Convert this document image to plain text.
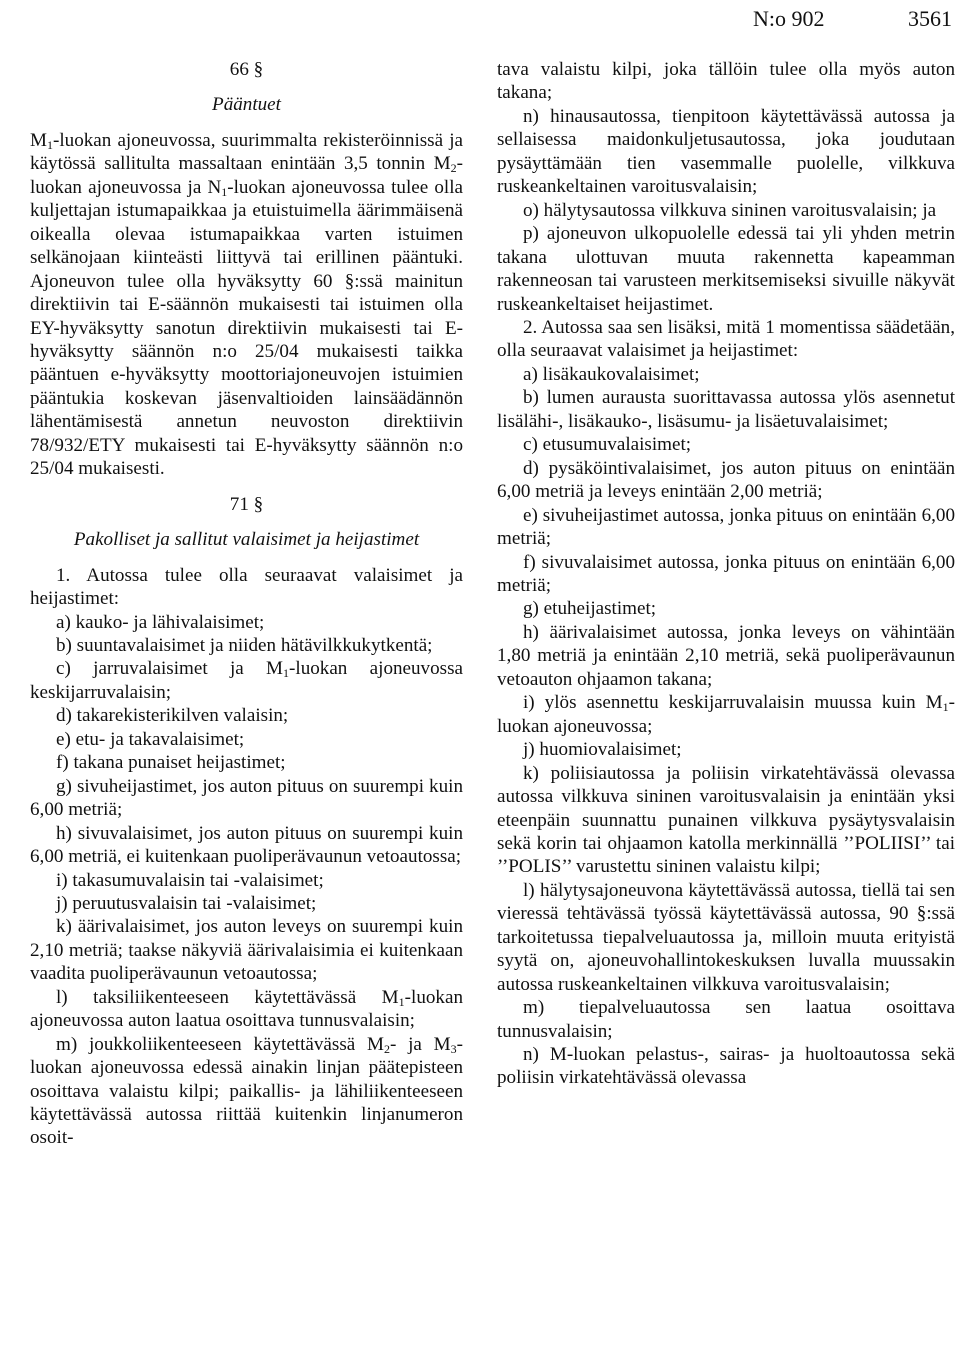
N:o 902	3561

66 §

Pääntuet

$M_1$-luokan ajoneuvossa, suurimmalta rekisteröinnissä ja käytössä sallitulta massaltaan enintään 3,5 tonnin $M_2$-luokan ajoneuvossa ja $N_1$-luokan ajoneuvossa tulee olla kuljettajan istumapaikkaa ja etuistuimella äärimmäisenä oikealla olevaa istumapaikkaa varten istuimen selkänojaan kiinteästi liittyvä tai erillinen pääntuki. Ajoneuvon tulee olla hyväksytty 60 §:ssä mainitun direktiivin tai E-säännön mukaisesti tai istuimen olla EY-hyväksytty sanotun direktiivin mukaisesti tai E-hyväksytty säännön n:o 25/04 mukaisesti taikka pääntuen e-hyväksytty moottoriajoneuvojen istuimien pääntukia koskevan jäsenvaltioiden lainsäädännön lähentämisestä annetun neuvoston direktiivin 78/932/ETY mukaisesti tai E-hyväksytty säännön n:o 25/04 mukaisesti.

71 §

Pakolliset ja sallitut valaisimet ja heijastimet

1. Autossa tulee olla seuraavat valaisimet ja heijastimet:

a) kauko- ja lähivalaisimet;

b) suuntavalaisimet ja niiden hätävilkkukytkentä;

c) jarruvalaisimet ja $M_1$-luokan ajoneuvossa keskijarruvalaisin;

d) takarekisterikilven valaisin;

e) etu- ja takavalaisimet;

f) takana punaiset heijastimet;

g) sivuheijastimet, jos auton pituus on suurempi kuin 6,00 metriä;

h) sivuvalaisimet, jos auton pituus on suurempi kuin 6,00 metriä, ei kuitenkaan puoliperävaunun vetoautossa;

i) takasumuvalaisin tai -valaisimet;

j) peruutusvalaisin tai -valaisimet;

k) äärivalaisimet, jos auton leveys on suurempi kuin 2,10 metriä; taakse näkyviä äärivalaisimia ei kuitenkaan vaadita puoliperävaunun vetoautossa;

l) taksiliikenteeseen käytettävässä $M_1$-luokan ajoneuvossa auton laatua osoittava tunnusvalaisin;

m) joukkoliikenteeseen käytettävässä $M_2-$ ja $M_3$-luokan ajoneuvossa edessä ainakin linjan päätepisteen osoittava valaistu kilpi; paikallis- ja lähiliikenteeseen käytettävässä autossa riittää kuitenkin linjanumeron osoit-

tava valaistu kilpi, joka tällöin tulee olla myös auton takana;

n) hinausautossa, tienpitoon käytettävässä autossa ja sellaisessa maidonkuljetusautossa, joka joudutaan pysäyttämään tien vasemmalle puolelle, vilkkuva ruskeankeltainen varoitusvalaisin;

o) hälytysautossa vilkkuva sininen varoitusvalaisin; ja

p) ajoneuvon ulkopuolelle edessä tai yli yhden metrin takana ulottuvan muuta rakennetta kapeamman rakenneosan tai varusteen merkitsemiseksi sivuille näkyvät ruskeankeltaiset heijastimet.

2. Autossa saa sen lisäksi, mitä 1 momentissa säädetään, olla seuraavat valaisimet ja heijastimet:

a) lisäkaukovalaisimet;

b) lumen aurausta suorittavassa autossa ylös asennetut lisälähi-, lisäkauko-, lisäsumu- ja lisäetuvalaisimet;

c) etusumuvalaisimet;

d) pysäköintivalaisimet, jos auton pituus on enintään 6,00 metriä ja leveys enintään 2,00 metriä;

e) sivuheijastimet autossa, jonka pituus on enintään 6,00 metriä;

f) sivuvalaisimet autossa, jonka pituus on enintään 6,00 metriä;

g) etuheijastimet;

h) äärivalaisimet autossa, jonka leveys on vähintään 1,80 metriä ja enintään 2,10 metriä, sekä puoliperävaunun vetoauton ohjaamon takana;

i) ylös asennettu keskijarruvalaisin muussa kuin $M_1$-luokan ajoneuvossa;

j) huomiovalaisimet;

k) poliisiautossa ja poliisin virkatehtävässä olevassa autossa vilkkuva sininen varoitusvalaisin ja enintään yksi eteenpäin suunnattu punainen vilkkuva pysäytysvalaisin sekä korin tai ohjaamon katolla merkinnällä ’’POLIISI’’ tai ’’POLIS’’ varustettu sininen valaistu kilpi;

l) hälytysajoneuvona käytettävässä autossa, tiellä tai sen vieressä tehtävässä työssä käytettävässä autossa, 90 §:ssä tarkoitetussa tiepalveluautossa ja, milloin muuta erityistä syytä on, ajoneuvohallintokeskuksen luvalla muussakin autossa ruskeankeltainen vilkkuva varoitusvalaisin;

m) tiepalveluautossa sen laatua osoittava tunnusvalaisin;

n) M-luokan pelastus-, sairas- ja huoltoautossa sekä poliisin virkatehtävässä olevassa
